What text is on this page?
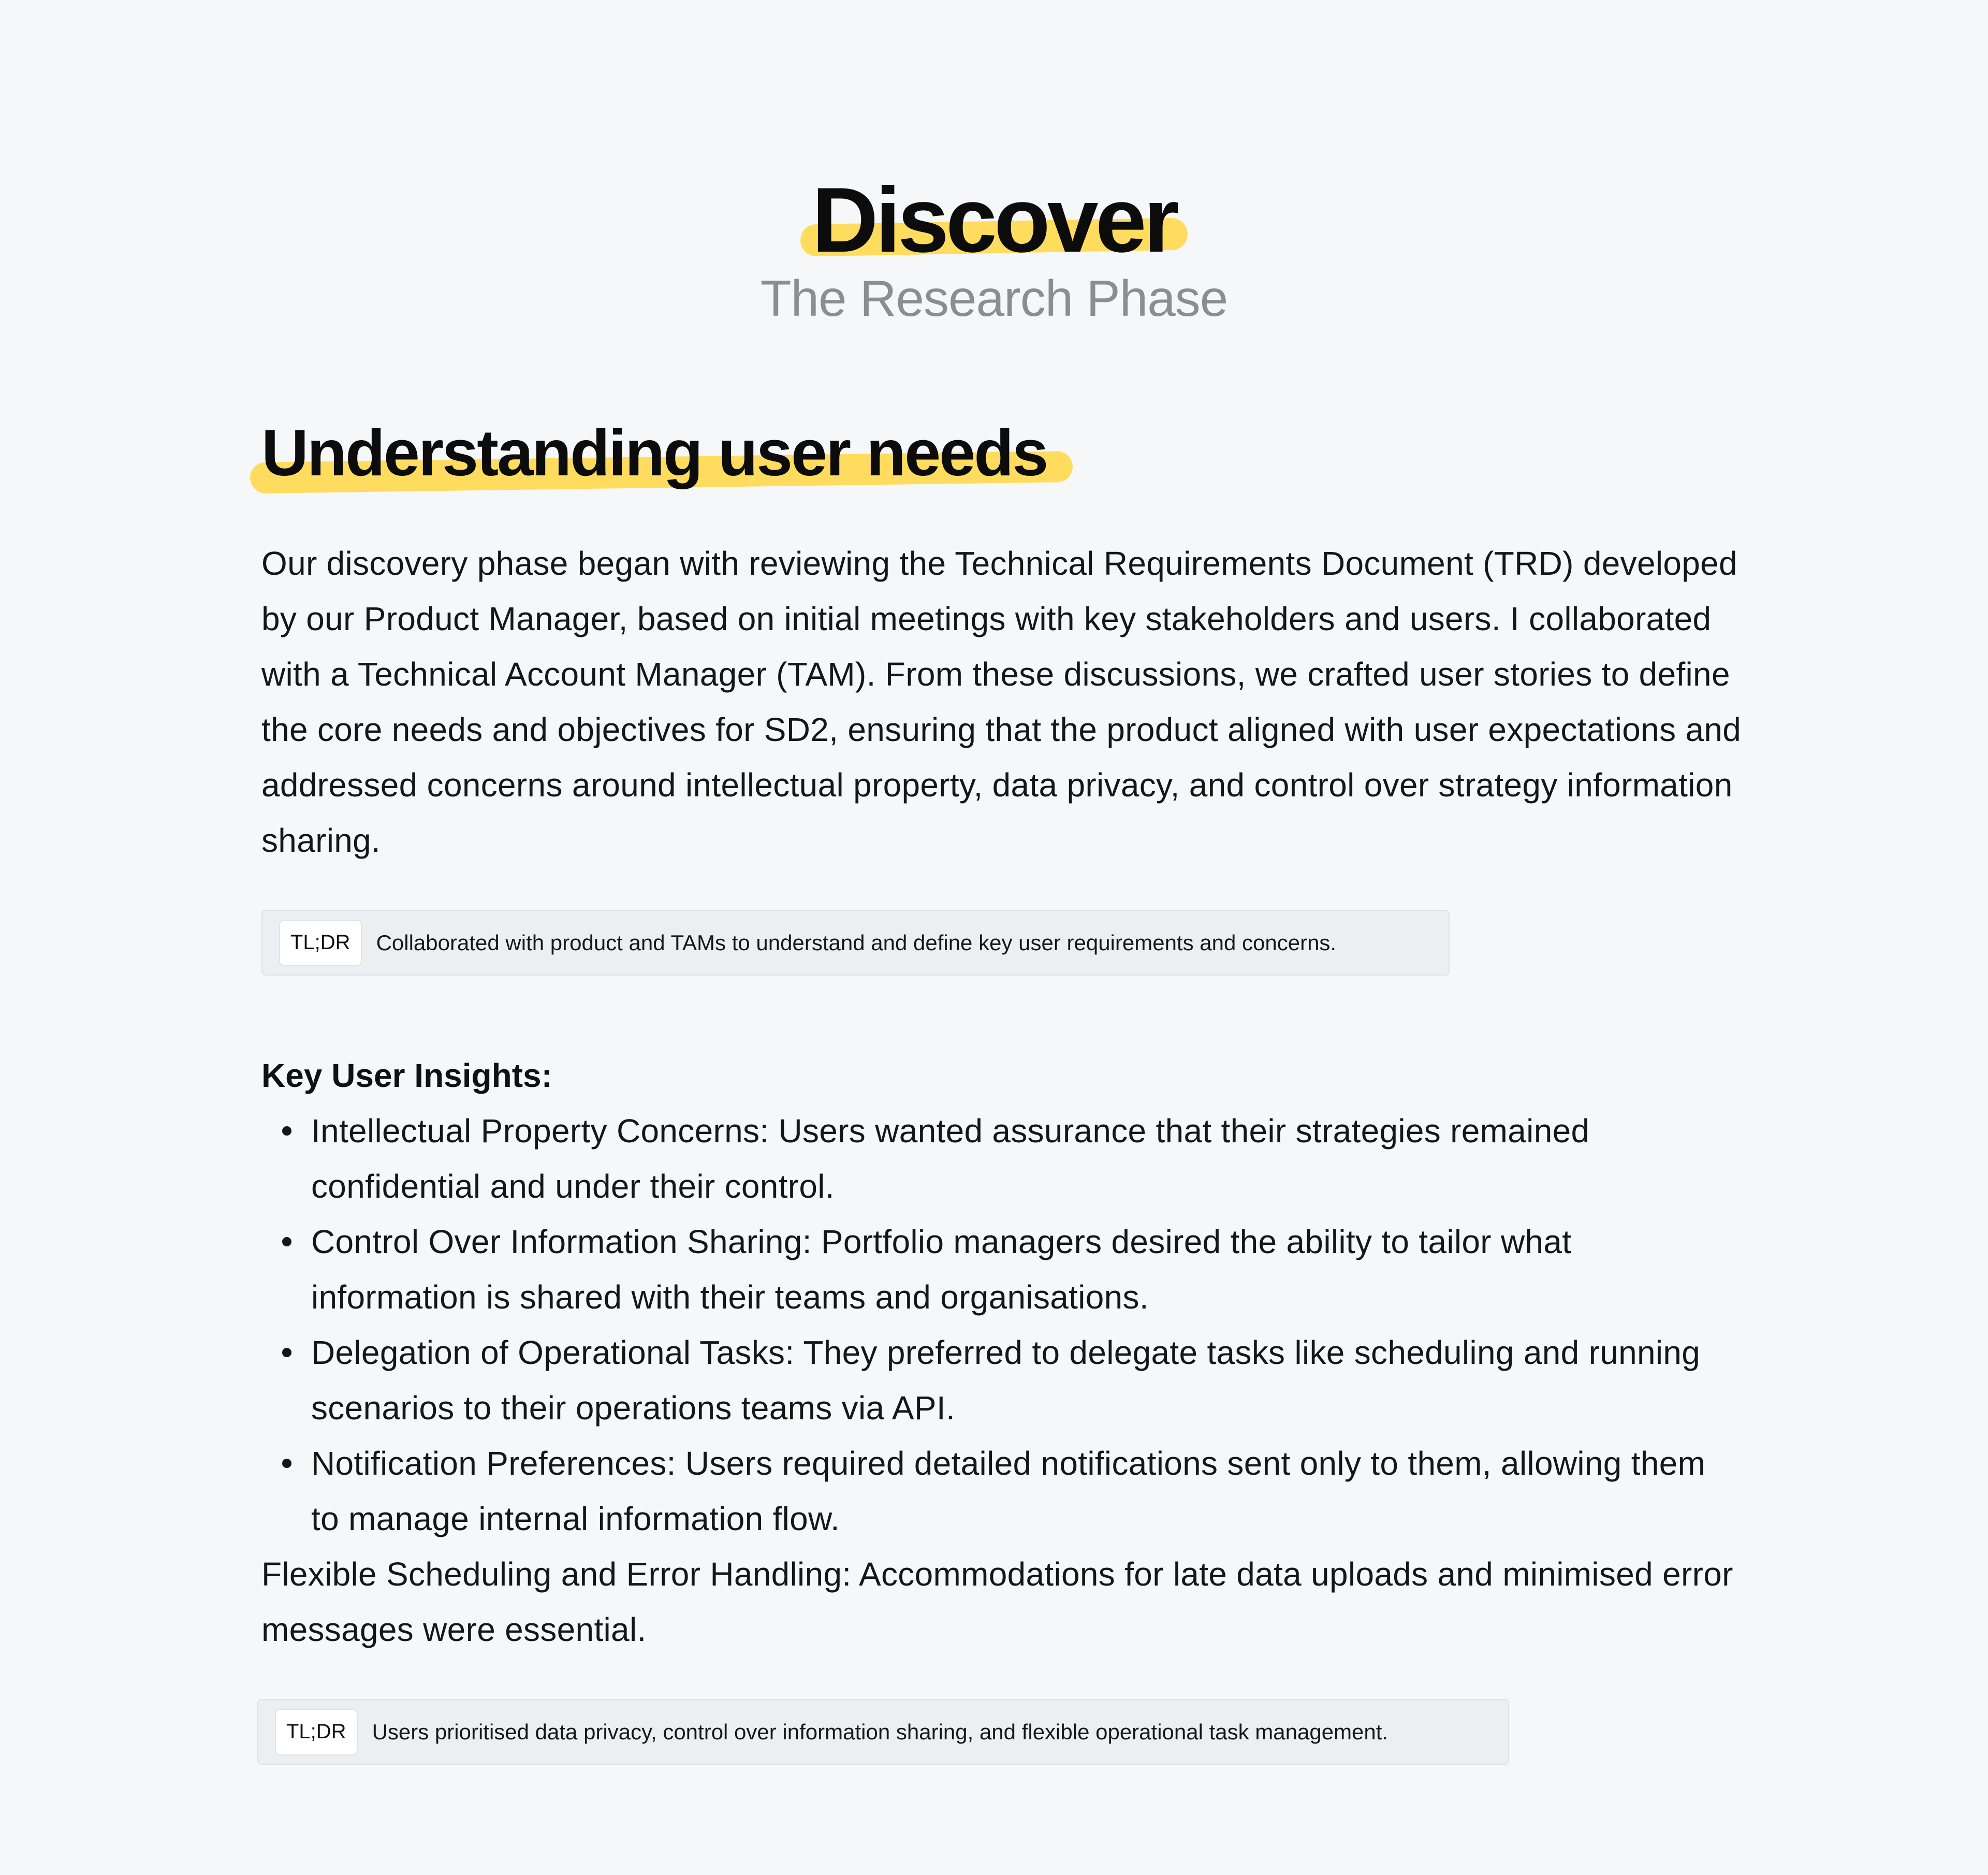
Discover

The Research Phase

Understanding user needs

Our discovery phase began with reviewing the Technical Requirements Document (TRD) developed by our Product Manager, based on initial meetings with key stakeholders and users. I collaborated with a Technical Account Manager (TAM). From these discussions, we crafted user stories to define the core needs and objectives for SD2, ensuring that the product aligned with user expectations and addressed concerns around intellectual property, data privacy, and control over strategy information sharing.

TL;DR	Collaborated with product and TAMs to understand and define key user requirements and concerns.
Key User Insights:
Intellectual Property Concerns: Users wanted assurance that their strategies remained confidential and under their control.
Control Over Information Sharing: Portfolio managers desired the ability to tailor what information is shared with their teams and organisations.
Delegation of Operational Tasks: They preferred to delegate tasks like scheduling and running scenarios to their operations teams via API.
Notification Preferences: Users required detailed notifications sent only to them, allowing them to manage internal information flow.

Flexible Scheduling and Error Handling: Accommodations for late data uploads and minimised error messages were essential.

TL;DR	Users prioritised data privacy, control over information sharing, and flexible operational task management.
